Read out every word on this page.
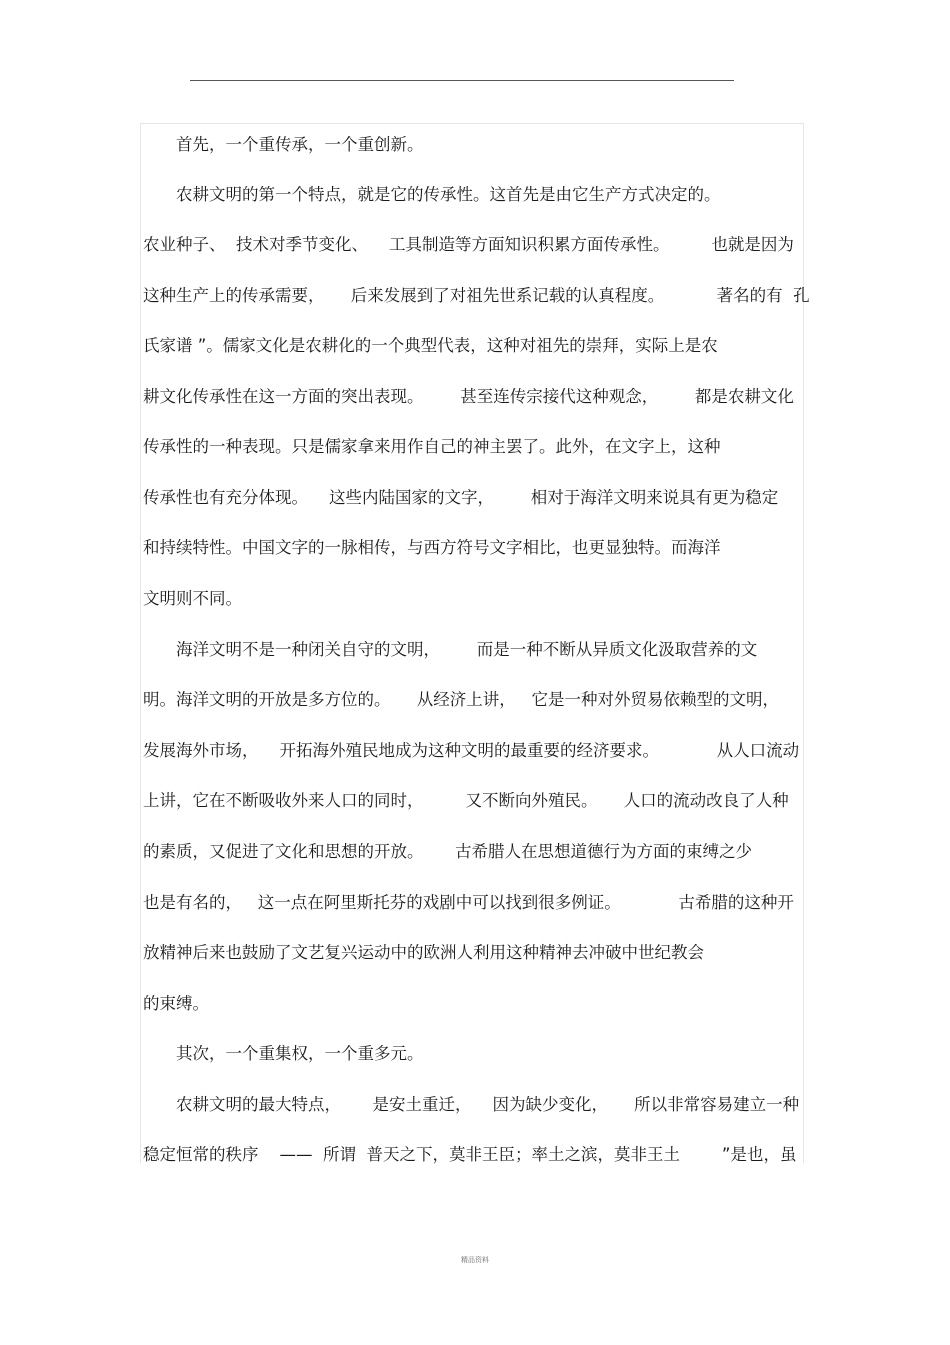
　　首先，一个重传承，一个重创新。
　　农耕文明的第一个特点，就是它的传承性。这首先是由它生产方式决定的。
农业种子、  技术对季节变化、    工具制造等方面知识积累方面传承性。        也就是因为
这种生产上的传承需要，     后来发展到了对祖先世系记载的认真程度。          著名的有  孔
氏家谱 ”。儒家文化是农耕化的一个典型代表，这种对祖先的崇拜，实际上是农
耕文化传承性在这一方面的突出表现。       甚至连传宗接代这种观念，       都是农耕文化
传承性的一种表现。只是儒家拿来用作自己的神主罢了。此外，在文字上，这种
传承性也有充分体现。    这些内陆国家的文字，       相对于海洋文明来说具有更为稳定
和持续特性。中国文字的一脉相传，与西方符号文字相比，也更显独特。而海洋
文明则不同。
　　海洋文明不是一种闭关自守的文明，       而是一种不断从异质文化汲取营养的文
明。海洋文明的开放是多方位的。     从经济上讲，   它是一种对外贸易依赖型的文明，
发展海外市场，    开拓海外殖民地成为这种文明的最重要的经济要求。           从人口流动
上讲，它在不断吸收外来人口的同时，        又不断向外殖民。     人口的流动改良了人种
的素质，又促进了文化和思想的开放。      古希腊人在思想道德行为方面的束缚之少
也是有名的，   这一点在阿里斯托芬的戏剧中可以找到很多例证。           古希腊的这种开
放精神后来也鼓励了文艺复兴运动中的欧洲人利用这种精神去冲破中世纪教会
的束缚。
　　其次，一个重集权，一个重多元。
　　农耕文明的最大特点，      是安土重迁，    因为缺少变化，     所以非常容易建立一种
稳定恒常的秩序    ——  所谓  普天之下，莫非王臣；率土之滨，莫非王土        ”是也，虽
精品资料
